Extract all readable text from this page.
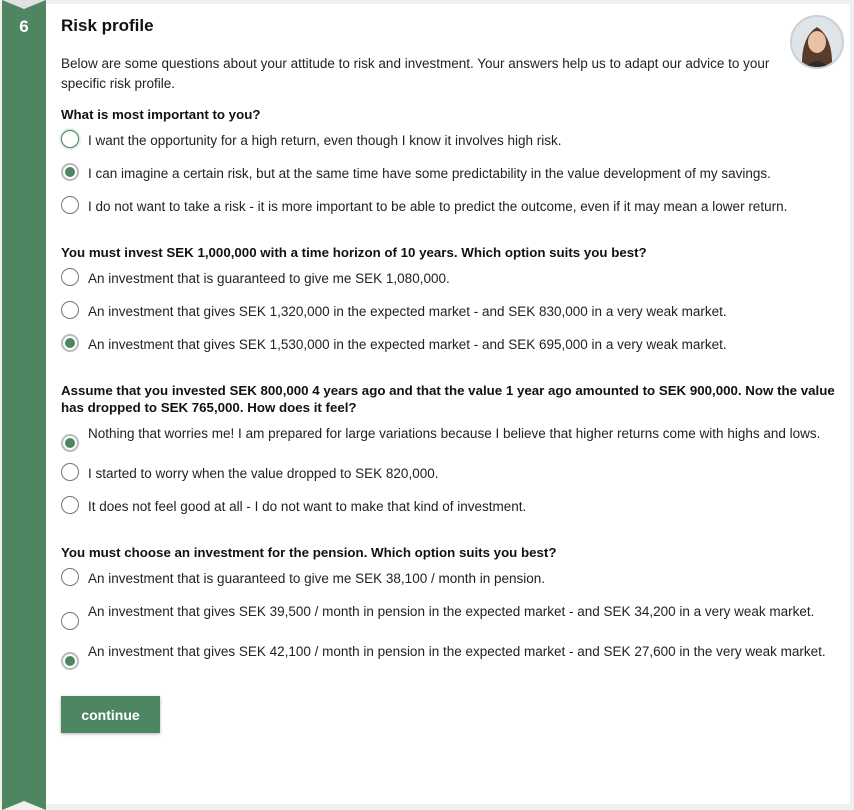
6	Risk profile

Below are some questions about your attitude to risk and investment. Your answers help us to adapt our advice to your specific risk profile.

What is most important to you?
I want the opportunity for a high return, even though I know it involves high risk.
I can imagine a certain risk, but at the same time have some predictability in the value development of my savings.
I do not want to take a risk - it is more important to be able to predict the outcome, even if it may mean a lower return.
You must invest SEK 1,000,000 with a time horizon of 10 years. Which option suits you best?
An investment that is guaranteed to give me SEK 1,080,000.
An investment that gives SEK 1,320,000 in the expected market - and SEK 830,000 in a very weak market.
An investment that gives SEK 1,530,000 in the expected market - and SEK 695,000 in a very weak market.
Assume that you invested SEK 800,000 4 years ago and that the value 1 year ago amounted to SEK 900,000. Now the value has dropped to SEK 765,000. How does it feel?
Nothing that worries me! I am prepared for large variations because I believe that higher returns come with highs and lows.
I started to worry when the value dropped to SEK 820,000.
It does not feel good at all - I do not want to make that kind of investment.
You must choose an investment for the pension. Which option suits you best?
An investment that is guaranteed to give me SEK 38,100 / month in pension.
An investment that gives SEK 39,500 / month in pension in the expected market - and SEK 34,200 in a very weak market.
An investment that gives SEK 42,100 / month in pension in the expected market - and SEK 27,600 in the very weak market.
continue
